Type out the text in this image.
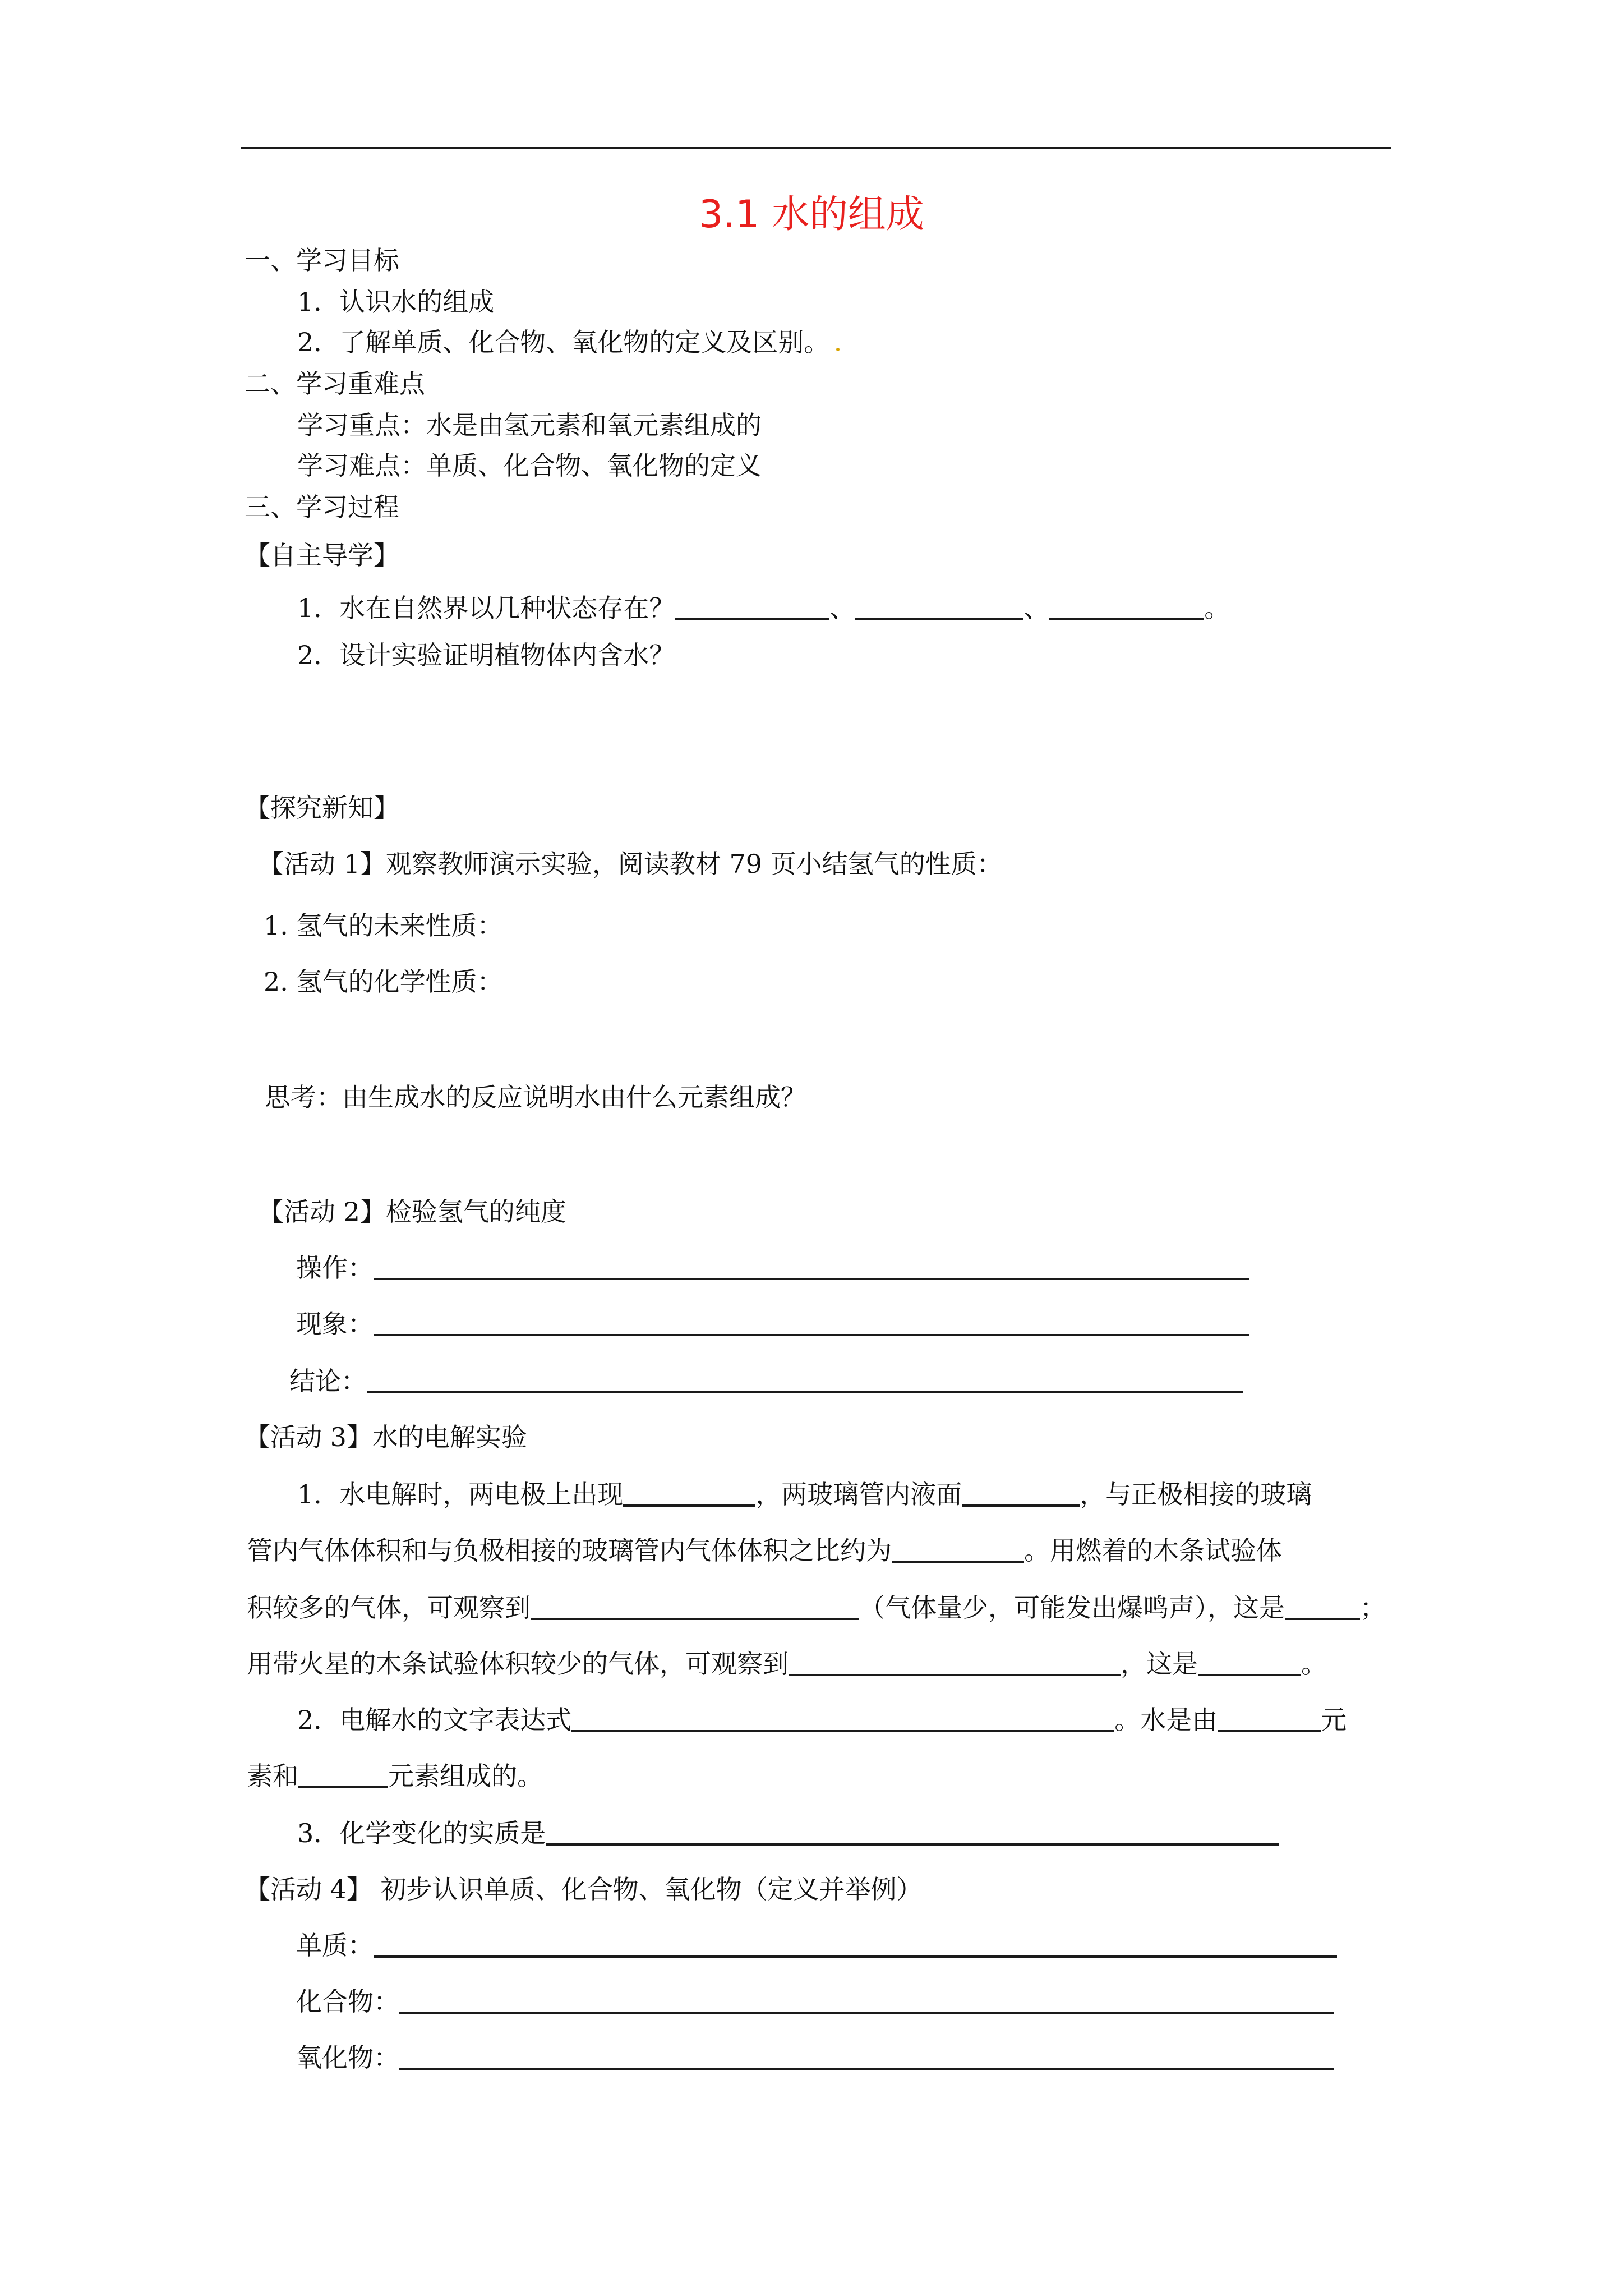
3.1 水的组成
一、学习目标
1．认识水的组成
2．了解单质、化合物、氧化物的定义及区别。
二、学习重难点
学习重点：水是由氢元素和氧元素组成的
学习难点：单质、化合物、氧化物的定义
三、学习过程
【自主导学】
1．水在自然界以几种状态存在？	、	、	。
2．设计实验证明植物体内含水？
【探究新知】
【活动 1】观察教师演示实验，阅读教材 79 页小结氢气的性质：
1. 氢气的未来性质：
2. 氢气的化学性质：
思考：由生成水的反应说明水由什么元素组成？
【活动 2】检验氢气的纯度
操作：
现象：
结论：
【活动 3】水的电解实验
1．水电解时，两电极上出现	，两玻璃管内液面	，与正极相接的玻璃
管内气体体积和与负极相接的玻璃管内气体体积之比约为	。用燃着的木条试验体
积较多的气体，可观察到	（气体量少，可能发出爆鸣声），这是	；
用带火星的木条试验体积较少的气体，可观察到	，这是	。
2．电解水的文字表达式	。水是由	元
素和	元素组成的。
3．化学变化的实质是
【活动 4】 初步认识单质、化合物、氧化物（定义并举例）
单质：
化合物：
氧化物：
